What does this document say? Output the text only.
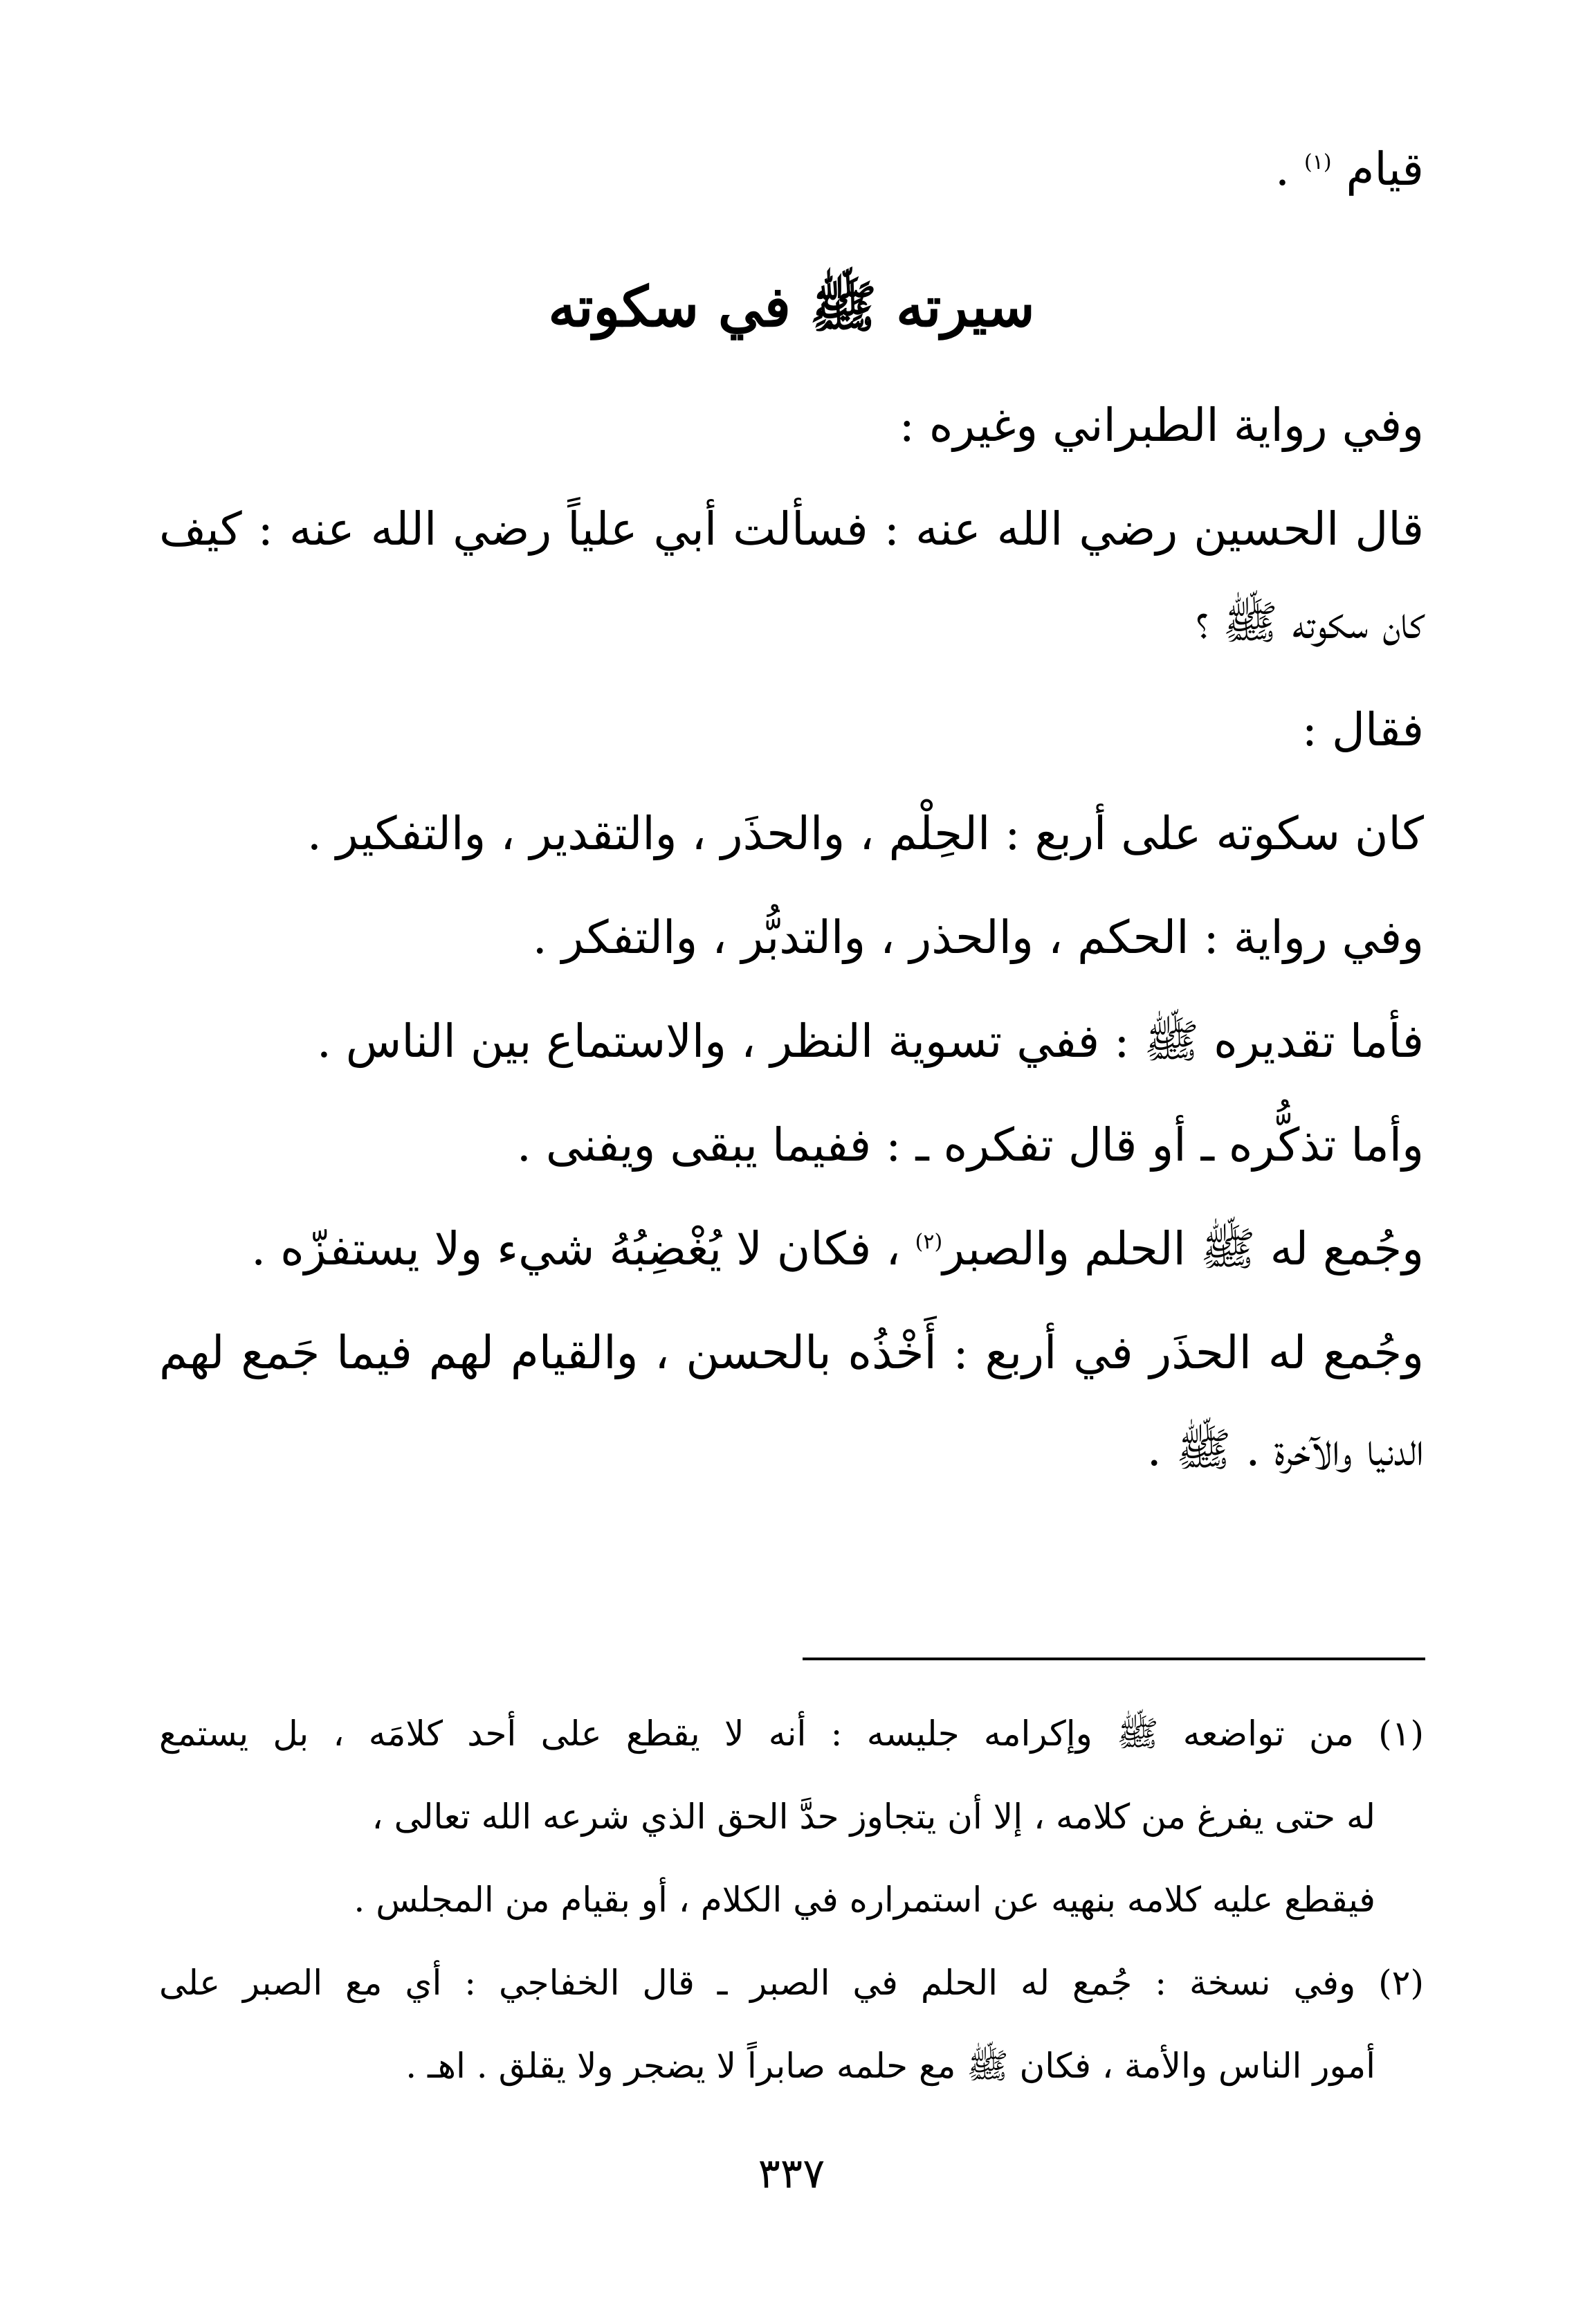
قيام $^{(١)}$ .
سيرته ﷺ في سكوته
وفي رواية الطبراني وغيره :
قال الحسين رضي الله عنه : فسألت أبي علياً رضي الله عنه : كيف
كان سكوته ﷺ ؟
فقال :
كان سكوته على أربع : الحِلْم ، والحذَر ، والتقدير ، والتفكير .
وفي رواية : الحكم ، والحذر ، والتدبُّر ، والتفكر .
فأما تقديره ﷺ : ففي تسوية النظر ، والاستماع بين الناس .
وأما تذكُّره ـ أو قال تفكره ـ : ففيما يبقى ويفنى .
وجُمع له ﷺ الحلم والصبر$^{(٢)}$ ، فكان لا يُغْضِبُهُ شيء ولا يستفزّه .
وجُمع له الحذَر في أربع : أَخْذُه بالحسن ، والقيام لهم فيما جَمع لهم
الدنيا والآخرة . ﷺ .
(١) من تواضعه ﷺ وإكرامه جليسه : أنه لا يقطع على أحد كلامَه ، بل يستمع
له حتى يفرغ من كلامه ، إلا أن يتجاوز حدَّ الحق الذي شرعه الله تعالى ،
فيقطع عليه كلامه بنهيه عن استمراره في الكلام ، أو بقيام من المجلس .
(٢) وفي نسخة : جُمع له الحلم في الصبر ـ قال الخفاجي : أي مع الصبر على
أمور الناس والأمة ، فكان ﷺ مع حلمه صابراً لا يضجر ولا يقلق . اهـ .
٣٣٧
